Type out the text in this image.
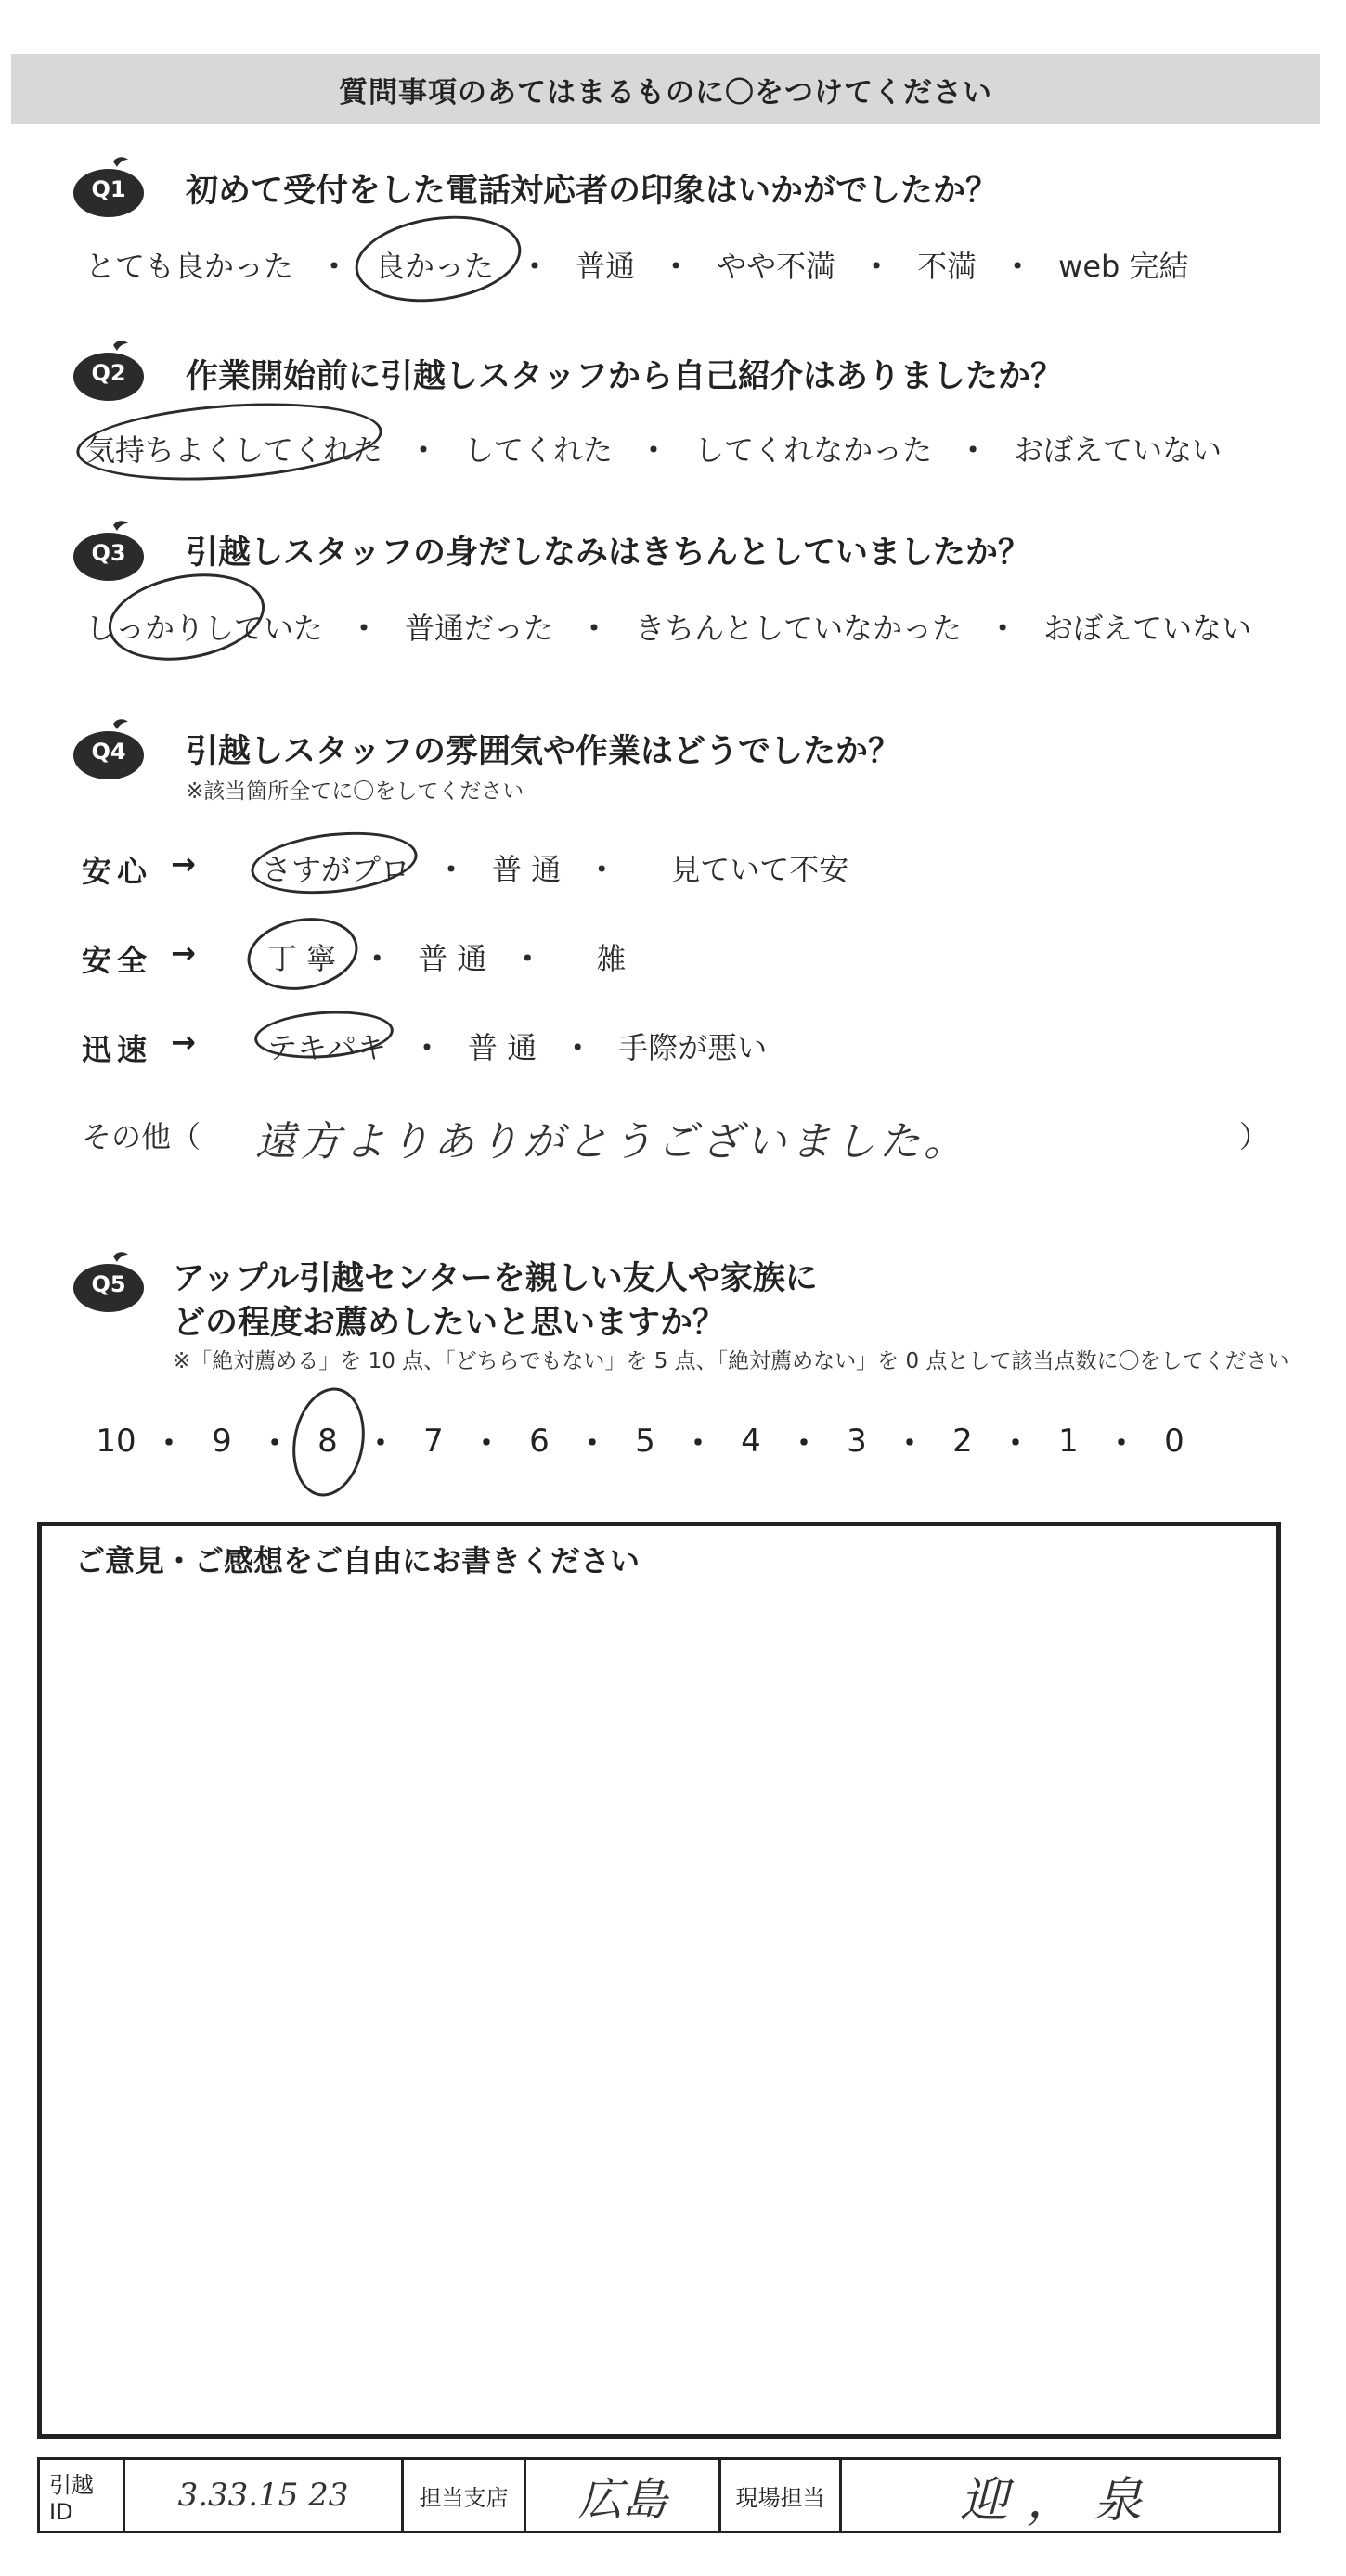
質問事項のあてはまるものに〇をつけてください
Q1	初めて受付をした電話対応者の印象はいかがでしたか？
とても良かった ・ 良かった ・ 普通 ・ やや不満 ・ 不満 ・ web 完結
Q2	作業開始前に引越しスタッフから自己紹介はありましたか？
気持ちよくしてくれた ・ してくれた ・ してくれなかった ・ おぼえていない
Q3	引越しスタッフの身だしなみはきちんとしていましたか？
しっかりしていた ・ 普通だった ・ きちんとしていなかった ・ おぼえていない
Q4	引越しスタッフの雰囲気や作業はどうでしたか？
※該当箇所全てに〇をしてください
安心 → さすがプロ ・ 普 通 ・ 見ていて不安
安全 → 丁 寧 ・ 普 通 ・ 雑
迅速 → テキパキ ・ 普 通 ・ 手際が悪い
その他（ 遠方よりありがとうございました。	）
Q5	アップル引越センターを親しい友人や家族に
どの程度お薦めしたいと思いますか？
※「絶対薦める」を 10 点、「どちらでもない」を 5 点、「絶対薦めない」を 0 点として該当点数に〇をしてください
10 ・ 9 ・ 8 ・ 7 ・ 6 ・ 5 ・ 4 ・ 3 ・ 2 ・ 1 ・ 0
ご意見・ご感想をご自由にお書きください
引越 ID	3.33.15 23	担当支店	広島	現場担当	迎，泉
